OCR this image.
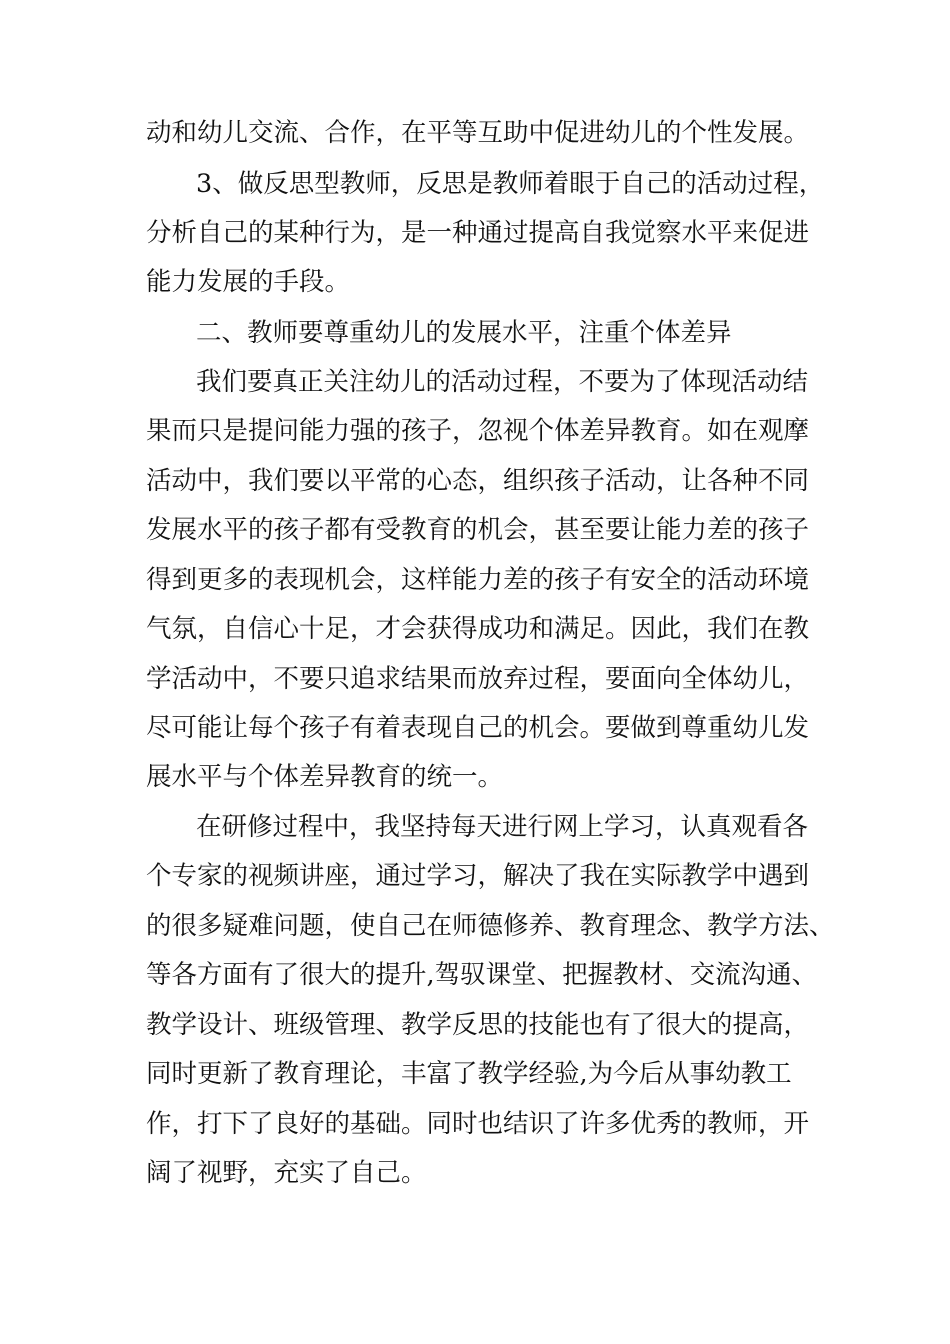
动和幼儿交流、合作，在平等互助中促进幼儿的个性发展。
3、做反思型教师，反思是教师着眼于自己的活动过程，
分析自己的某种行为，是一种通过提高自我觉察水平来促进
能力发展的手段。
二、教师要尊重幼儿的发展水平，注重个体差异
我们要真正关注幼儿的活动过程，不要为了体现活动结
果而只是提问能力强的孩子，忽视个体差异教育。如在观摩
活动中，我们要以平常的心态，组织孩子活动，让各种不同
发展水平的孩子都有受教育的机会，甚至要让能力差的孩子
得到更多的表现机会，这样能力差的孩子有安全的活动环境
气氛，自信心十足，才会获得成功和满足。因此，我们在教
学活动中，不要只追求结果而放弃过程，要面向全体幼儿，
尽可能让每个孩子有着表现自己的机会。要做到尊重幼儿发
展水平与个体差异教育的统一。
在研修过程中，我坚持每天进行网上学习，认真观看各
个专家的视频讲座，通过学习，解决了我在实际教学中遇到
的很多疑难问题，使自己在师德修养、教育理念、教学方法、
等各方面有了很大的提升,驾驭课堂、把握教材、交流沟通、
教学设计、班级管理、教学反思的技能也有了很大的提高，
同时更新了教育理论，丰富了教学经验,为今后从事幼教工
作，打下了良好的基础。同时也结识了许多优秀的教师，开
阔了视野，充实了自己。
